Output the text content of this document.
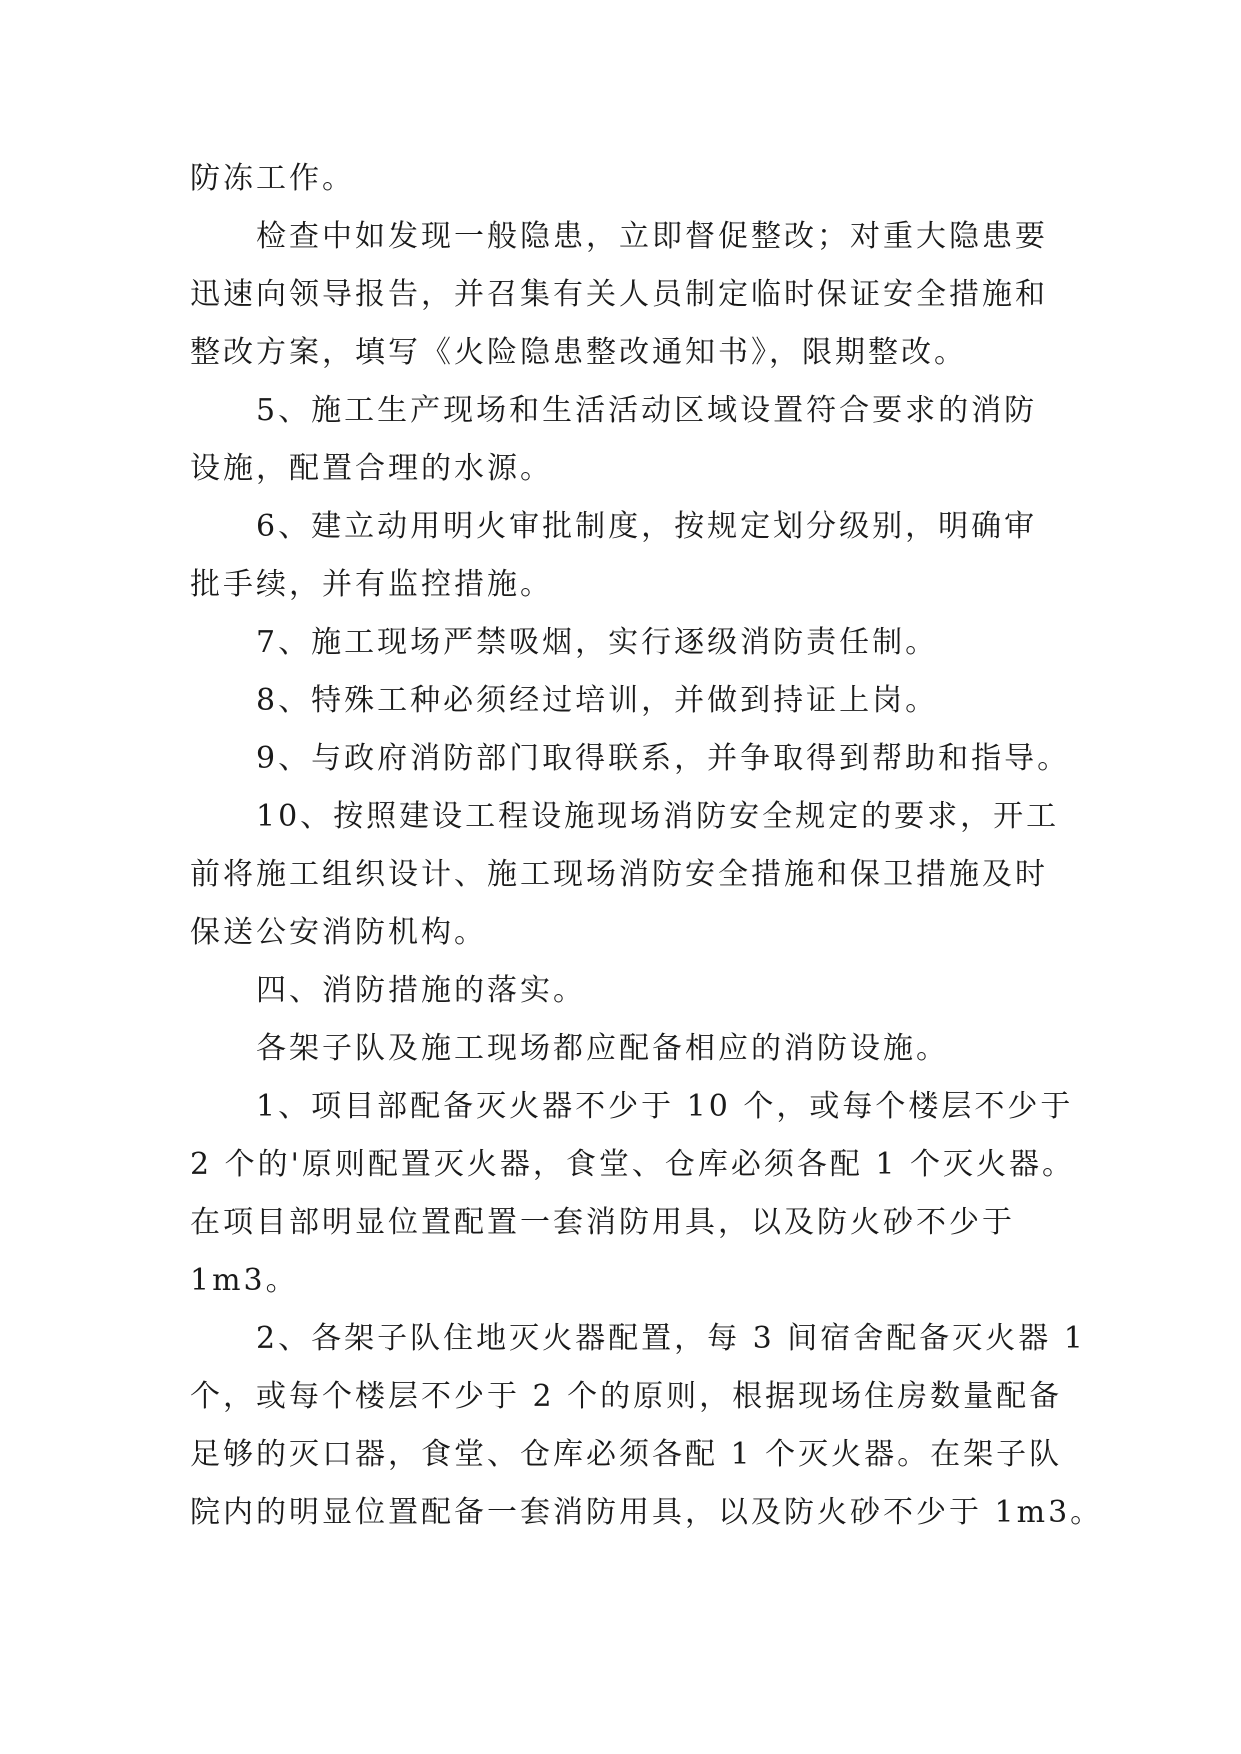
防冻工作。
检查中如发现一般隐患，立即督促整改；对重大隐患要
迅速向领导报告，并召集有关人员制定临时保证安全措施和
整改方案，填写《火险隐患整改通知书》，限期整改。
5、施工生产现场和生活活动区域设置符合要求的消防
设施，配置合理的水源。
6、建立动用明火审批制度，按规定划分级别，明确审
批手续，并有监控措施。
7、施工现场严禁吸烟，实行逐级消防责任制。
8、特殊工种必须经过培训，并做到持证上岗。
9、与政府消防部门取得联系，并争取得到帮助和指导。
10、按照建设工程设施现场消防安全规定的要求，开工
前将施工组织设计、施工现场消防安全措施和保卫措施及时
保送公安消防机构。
四、消防措施的落实。
各架子队及施工现场都应配备相应的消防设施。
1、项目部配备灭火器不少于 10 个，或每个楼层不少于
2 个的'原则配置灭火器，食堂、仓库必须各配 1 个灭火器。
在项目部明显位置配置一套消防用具，以及防火砂不少于
1m3。
2、各架子队住地灭火器配置，每 3 间宿舍配备灭火器 1
个，或每个楼层不少于 2 个的原则，根据现场住房数量配备
足够的灭口器，食堂、仓库必须各配 1 个灭火器。在架子队
院内的明显位置配备一套消防用具，以及防火砂不少于 1m3。
